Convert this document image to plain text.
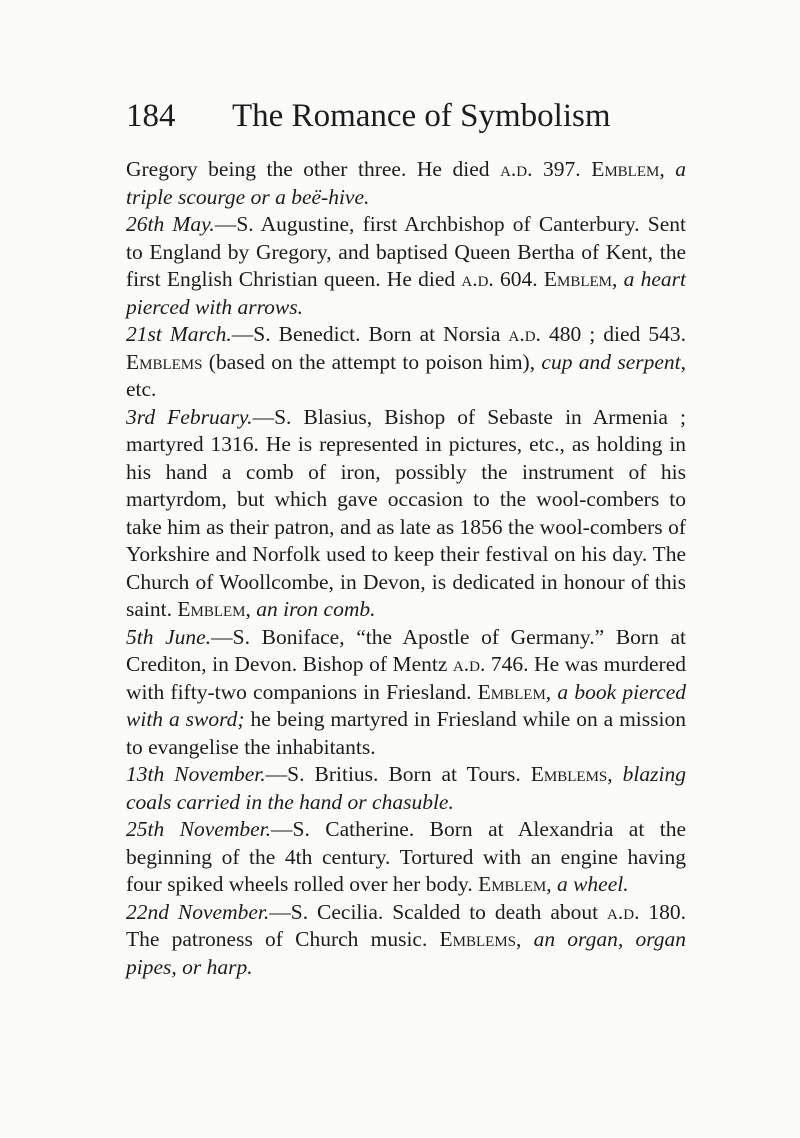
184 The Romance of Symbolism

Gregory being the other three. He died a.d. 397. Emblem, a triple scourge or a beë-hive.

26th May.—S. Augustine, first Archbishop of Canterbury. Sent to England by Gregory, and baptised Queen Bertha of Kent, the first English Christian queen. He died a.d. 604. Emblem, a heart pierced with arrows.

21st March.—S. Benedict. Born at Norsia a.d. 480 ; died 543. Emblems (based on the attempt to poison him), cup and serpent, etc.

3rd February.—S. Blasius, Bishop of Sebaste in Armenia ; martyred 1316. He is represented in pictures, etc., as holding in his hand a comb of iron, possibly the instrument of his martyrdom, but which gave occasion to the wool-combers to take him as their patron, and as late as 1856 the wool-combers of Yorkshire and Norfolk used to keep their festival on his day. The Church of Woollcombe, in Devon, is dedicated in honour of this saint. Emblem, an iron comb.

5th June.—S. Boniface, “the Apostle of Germany.” Born at Crediton, in Devon. Bishop of Mentz a.d. 746. He was murdered with fifty-two companions in Friesland. Emblem, a book pierced with a sword; he being martyred in Friesland while on a mission to evangelise the inhabitants.

13th November.—S. Britius. Born at Tours. Emblems, blazing coals carried in the hand or chasuble.

25th November.—S. Catherine. Born at Alexandria at the beginning of the 4th century. Tortured with an engine having four spiked wheels rolled over her body. Emblem, a wheel.

22nd November.—S. Cecilia. Scalded to death about a.d. 180. The patroness of Church music. Emblems, an organ, organ pipes, or harp.
